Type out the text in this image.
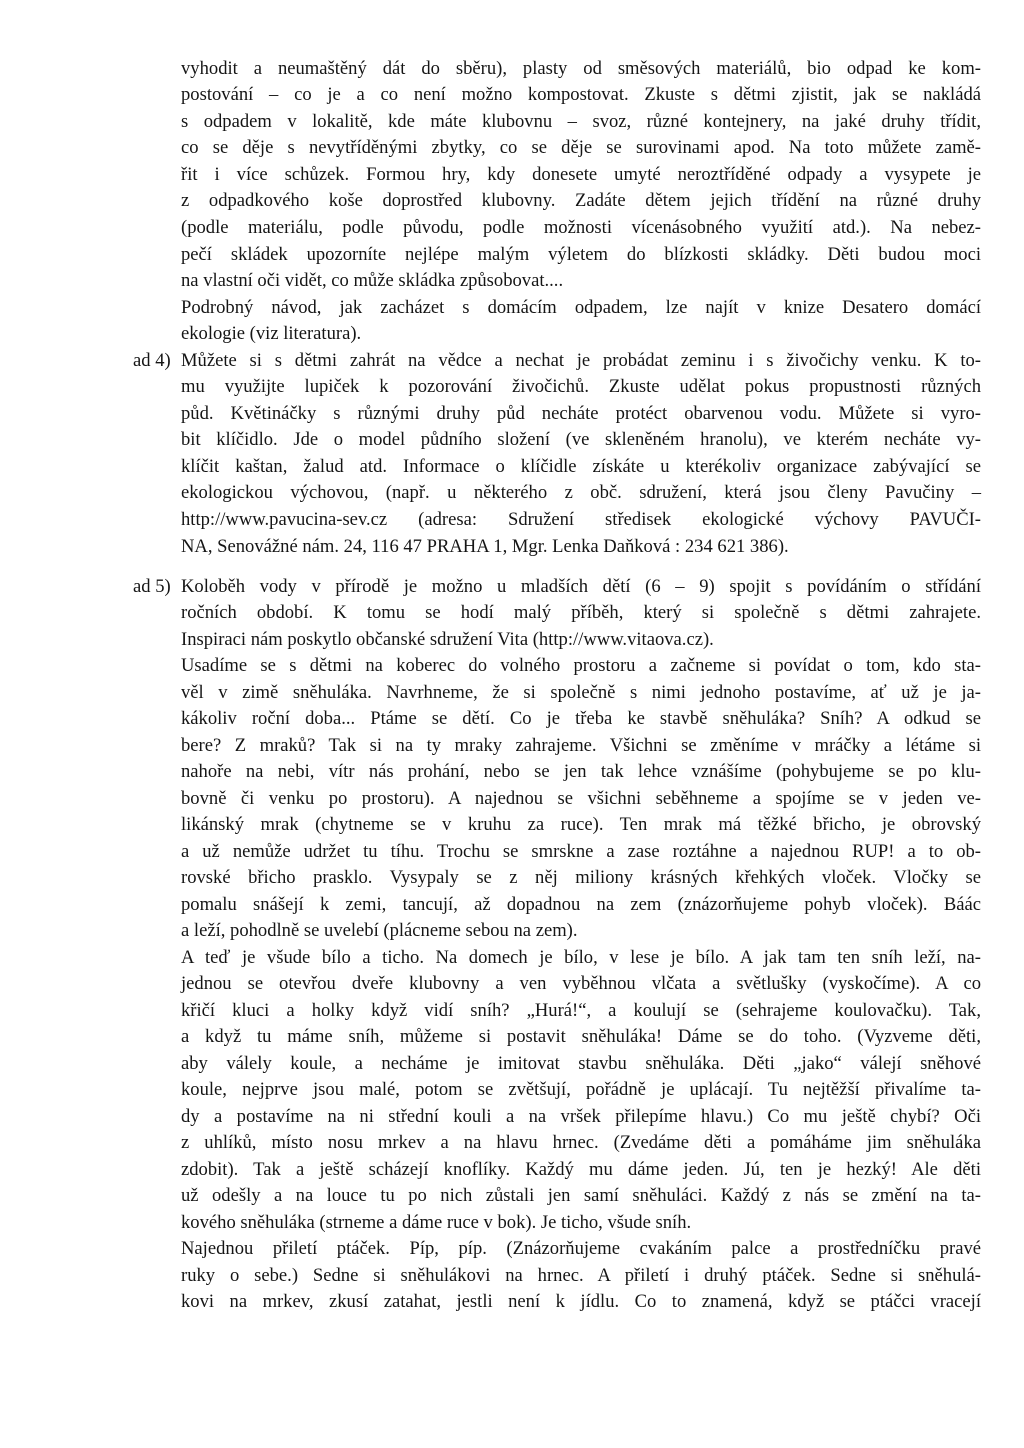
vyhodit a neumaštěný dát do sběru), plasty od směsových materiálů, bio odpad ke kom-
postování – co je a co není možno kompostovat. Zkuste s dětmi zjistit, jak se nakládá
s odpadem v lokalitě, kde máte klubovnu – svoz, různé kontejnery, na jaké druhy třídit,
co se děje s nevytříděnými zbytky, co se děje se surovinami apod. Na toto můžete zamě-
řit i více schůzek. Formou hry, kdy donesete umyté neroztříděné odpady a vysypete je
z odpadkového koše doprostřed klubovny. Zadáte dětem jejich třídění na různé druhy
(podle materiálu, podle původu, podle možnosti vícenásobného využití atd.). Na nebez-
pečí skládek upozorníte nejlépe malým výletem do blízkosti skládky. Děti budou moci
na vlastní oči vidět, co může skládka způsobovat....
Podrobný návod, jak zacházet s domácím odpadem, lze najít v knize Desatero domácí
ekologie (viz literatura).
ad 4) Můžete si s dětmi zahrát na vědce a nechat je probádat zeminu i s živočichy venku. K to-
mu využijte lupiček k pozorování živočichů. Zkuste udělat pokus propustnosti různých
půd. Květináčky s různými druhy půd necháte protéct obarvenou vodu. Můžete si vyro-
bit klíčidlo. Jde o model půdního složení (ve skleněném hranolu), ve kterém necháte vy-
klíčit kaštan, žalud atd. Informace o klíčidle získáte u kterékoliv organizace zabývající se
ekologickou výchovou, (např. u některého z obč. sdružení, která jsou členy Pavučiny –
http://www.pavucina-sev.cz (adresa: Sdružení středisek ekologické výchovy PAVUČI-
NA, Senovážné nám. 24, 116 47 PRAHA 1, Mgr. Lenka Daňková : 234 621 386).
ad 5) Koloběh vody v přírodě je možno u mladších dětí (6 – 9) spojit s povídáním o střídání
ročních období. K tomu se hodí malý příběh, který si společně s dětmi zahrajete.
Inspiraci nám poskytlo občanské sdružení Vita (http://www.vitaova.cz).
Usadíme se s dětmi na koberec do volného prostoru a začneme si povídat o tom, kdo sta-
věl v zimě sněhuláka. Navrhneme, že si společně s nimi jednoho postavíme, ať už je ja-
kákoliv roční doba... Ptáme se dětí. Co je třeba ke stavbě sněhuláka? Sníh? A odkud se
bere? Z mraků? Tak si na ty mraky zahrajeme. Všichni se změníme v mráčky a létáme si
nahoře na nebi, vítr nás prohání, nebo se jen tak lehce vznášíme (pohybujeme se po klu-
bovně či venku po prostoru). A najednou se všichni seběhneme a spojíme se v jeden ve-
likánský mrak (chytneme se v kruhu za ruce). Ten mrak má těžké břicho, je obrovský
a už nemůže udržet tu tíhu. Trochu se smrskne a zase roztáhne a najednou RUP! a to ob-
rovské břicho prasklo. Vysypaly se z něj miliony krásných křehkých vloček. Vločky se
pomalu snášejí k zemi, tancují, až dopadnou na zem (znázorňujeme pohyb vloček). Báác
a leží, pohodlně se uvelebí (plácneme sebou na zem).
A teď je všude bílo a ticho. Na domech je bílo, v lese je bílo. A jak tam ten sníh leží, na-
jednou se otevřou dveře klubovny a ven vyběhnou vlčata a světlušky (vyskočíme). A co
křičí kluci a holky když vidí sníh? „Hurá!“, a koulují se (sehrajeme koulovačku). Tak,
a když tu máme sníh, můžeme si postavit sněhuláka! Dáme se do toho. (Vyzveme děti,
aby válely koule, a necháme je imitovat stavbu sněhuláka. Děti „jako“ válejí sněhové
koule, nejprve jsou malé, potom se zvětšují, pořádně je uplácají. Tu nejtěžší přivalíme ta-
dy a postavíme na ni střední kouli a na vršek přilepíme hlavu.) Co mu ještě chybí? Oči
z uhlíků, místo nosu mrkev a na hlavu hrnec. (Zvedáme děti a pomáháme jim sněhuláka
zdobit). Tak a ještě scházejí knoflíky. Každý mu dáme jeden. Jú, ten je hezký! Ale děti
už odešly a na louce tu po nich zůstali jen samí sněhuláci. Každý z nás se změní na ta-
kového sněhuláka (strneme a dáme ruce v bok). Je ticho, všude sníh.
Najednou přiletí ptáček. Píp, píp. (Znázorňujeme cvakáním palce a prostředníčku pravé
ruky o sebe.) Sedne si sněhulákovi na hrnec. A přiletí i druhý ptáček. Sedne si sněhulá-
kovi na mrkev, zkusí zatahat, jestli není k jídlu. Co to znamená, když se ptáčci vracejí
